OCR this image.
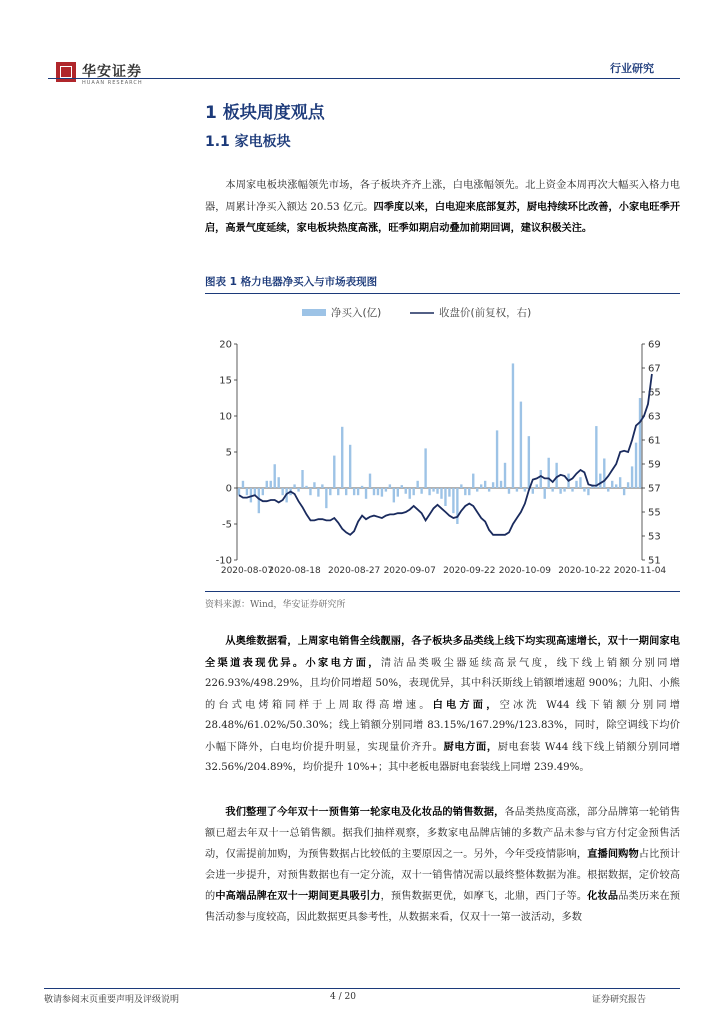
华安证券
HUAAN RESEARCH
行业研究
1 板块周度观点
1.1 家电板块
本周家电板块涨幅领先市场，各子板块齐齐上涨，白电涨幅领先。北上资金本周再次大幅买入格力电器，周累计净买入额达 20.53 亿元。四季度以来，白电迎来底部复苏，厨电持续环比改善，小家电旺季开启，高景气度延续，家电板块热度高涨，旺季如期启动叠加前期回调，建议积极关注。
图表 1 格力电器净买入与市场表现图
净买入(亿)	收盘价(前复权，右)
-10
-5
0
5
10
15
20
51
53
55
57
59
61
63
65
67
69
2020-08-07
2020-08-18 2020-08-27 2020-09-07 2020-09-22 2020-10-09 2020-10-22 2020-11-04
资料来源：Wind，华安证券研究所
从奥维数据看，上周家电销售全线靓丽，各子板块多品类线上线下均实现高速增长，双十一期间家电全渠道表现优异。小家电方面，清洁品类吸尘器延续高景气度，线下线上销额分别同增 226.93%/498.29%，且均价同增超 50%，表现优异，其中科沃斯线上销额增速超 900%；九阳、小熊的台式电烤箱同样于上周取得高增速。白电方面，空冰洗 W44 线下销额分别同增 28.48%/61.02%/50.30%；线上销额分别同增 83.15%/167.29%/123.83%，同时，除空调线下均价小幅下降外，白电均价提升明显，实现量价齐升。厨电方面，厨电套装 W44 线下线上销额分别同增 32.56%/204.89%，均价提升 10%+；其中老板电器厨电套装线上同增 239.49%。
我们整理了今年双十一预售第一轮家电及化妆品的销售数据，各品类热度高涨，部分品牌第一轮销售额已超去年双十一总销售额。据我们抽样观察，多数家电品牌店铺的多数产品未参与官方付定金预售活动，仅需提前加购，为预售数据占比较低的主要原因之一。另外，今年受疫情影响，直播间购物占比预计会进一步提升，对预售数据也有一定分流，双十一销售情况需以最终整体数据为准。根据数据，定价较高的中高端品牌在双十一期间更具吸引力，预售数据更优，如摩飞，北鼎，西门子等。化妆品品类历来在预售活动参与度较高，因此数据更具参考性，从数据来看，仅双十一第一波活动，多数
敬请参阅末页重要声明及评级说明	4 / 20	证券研究报告
